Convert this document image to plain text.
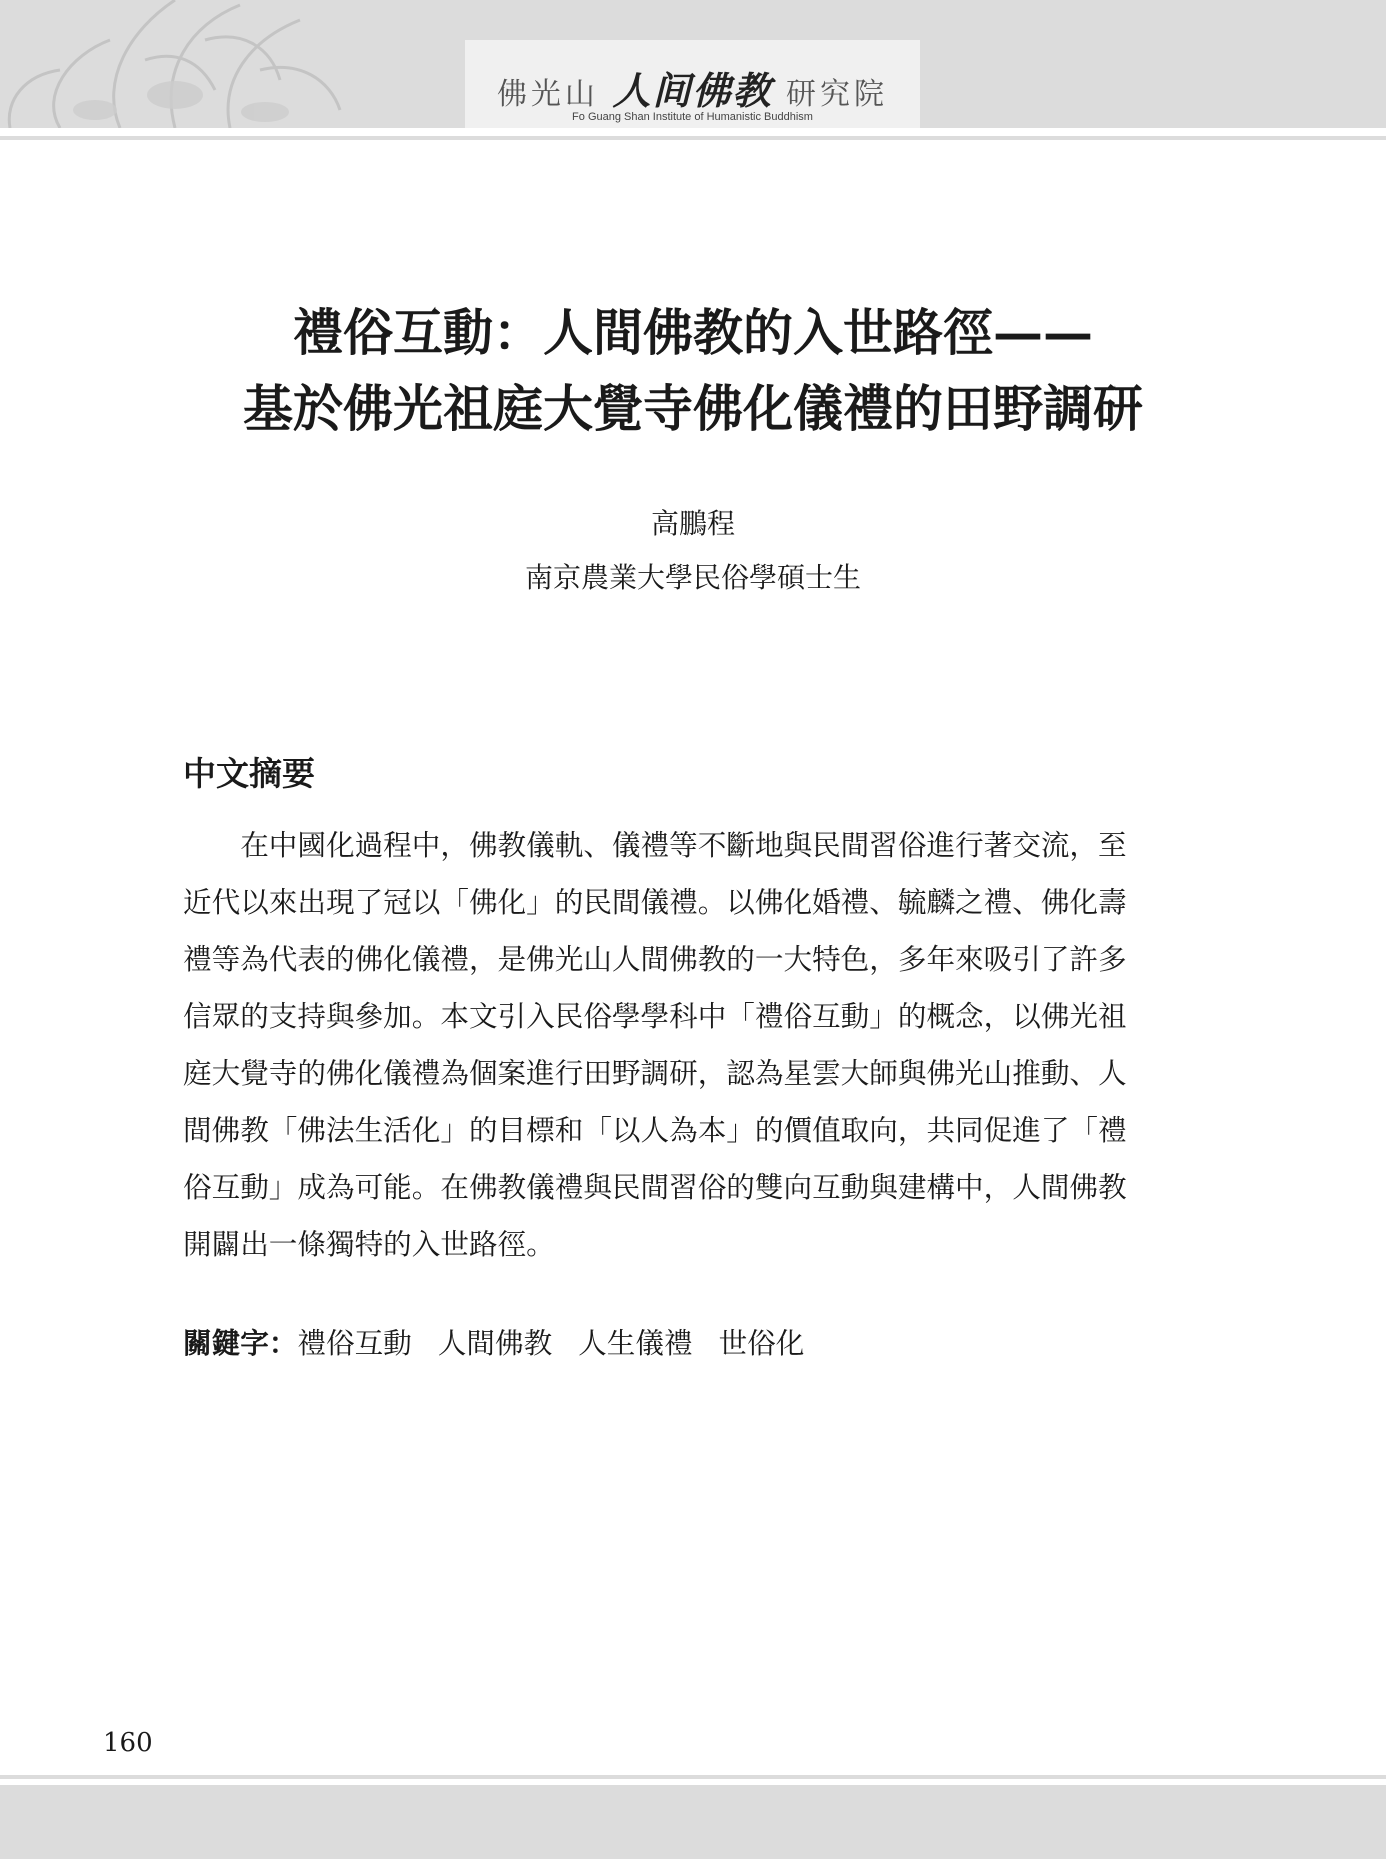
佛光山 人间佛教 研究院
Fo Guang Shan Institute of Humanistic Buddhism
禮俗互動：人間佛教的入世路徑——
基於佛光祖庭大覺寺佛化儀禮的田野調研
高鵬程
南京農業大學民俗學碩士生
中文摘要
　　在中國化過程中，佛教儀軌、儀禮等不斷地與民間習俗進行著交流，至
近代以來出現了冠以「佛化」的民間儀禮。以佛化婚禮、毓麟之禮、佛化壽
禮等為代表的佛化儀禮，是佛光山人間佛教的一大特色，多年來吸引了許多
信眾的支持與參加。本文引入民俗學學科中「禮俗互動」的概念，以佛光祖
庭大覺寺的佛化儀禮為個案進行田野調研，認為星雲大師與佛光山推動、人
間佛教「佛法生活化」的目標和「以人為本」的價值取向，共同促進了「禮
俗互動」成為可能。在佛教儀禮與民間習俗的雙向互動與建構中，人間佛教
開闢出一條獨特的入世路徑。
關鍵字：禮俗互動 人間佛教 人生儀禮 世俗化
160
